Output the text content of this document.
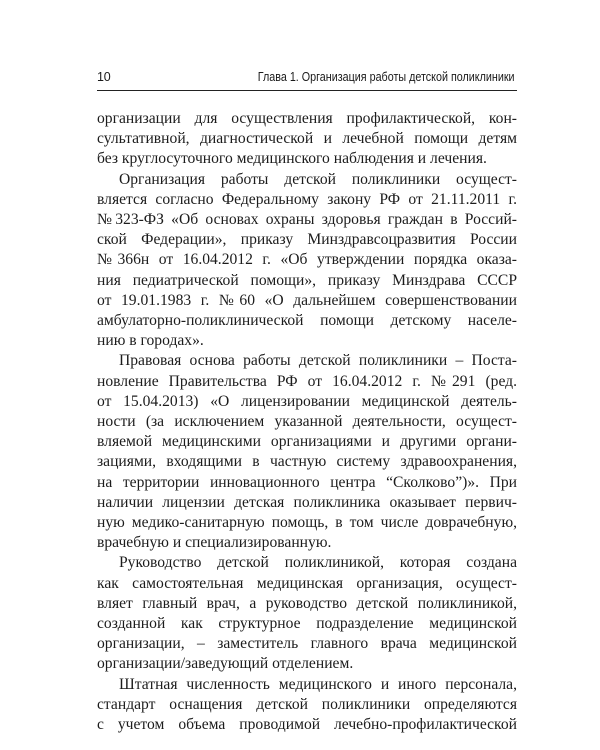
10	Глава 1. Организация работы детской поликлиники

организации для осуществления профилактической, кон-
сультативной, диагностической и лечебной помощи детям
без круглосуточного медицинского наблюдения и лечения.

Организация работы детской поликлиники осущест-
вляется согласно Федеральному закону РФ от 21.11.2011 г.
№323-ФЗ «Об основах охраны здоровья граждан в Россий-
ской Федерации», приказу Минздравсоцразвития России
№366н от 16.04.2012 г. «Об утверждении порядка оказа-
ния педиатрической помощи», приказу Минздрава СССР
от 19.01.1983 г. №60 «О дальнейшем совершенствовании
амбулаторно-поликлинической помощи детскому населе-
нию в городах».

Правовая основа работы детской поликлиники – Поста-
новление Правительства РФ от 16.04.2012 г. №291 (ред.
от 15.04.2013) «О лицензировании медицинской деятель-
ности (за исключением указанной деятельности, осущест-
вляемой медицинскими организациями и другими органи-
зациями, входящими в частную систему здравоохранения,
на территории инновационного центра “Сколково”)». При
наличии лицензии детская поликлиника оказывает первич-
ную медико-санитарную помощь, в том числе доврачебную,
врачебную и специализированную.

Руководство детской поликлиникой, которая создана
как самостоятельная медицинская организация, осущест-
вляет главный врач, а руководство детской поликлиникой,
созданной как структурное подразделение медицинской
организации, – заместитель главного врача медицинской
организации/заведующий отделением.

Штатная численность медицинского и иного персонала,
стандарт оснащения детской поликлиники определяются
с учетом объема проводимой лечебно-профилактической
